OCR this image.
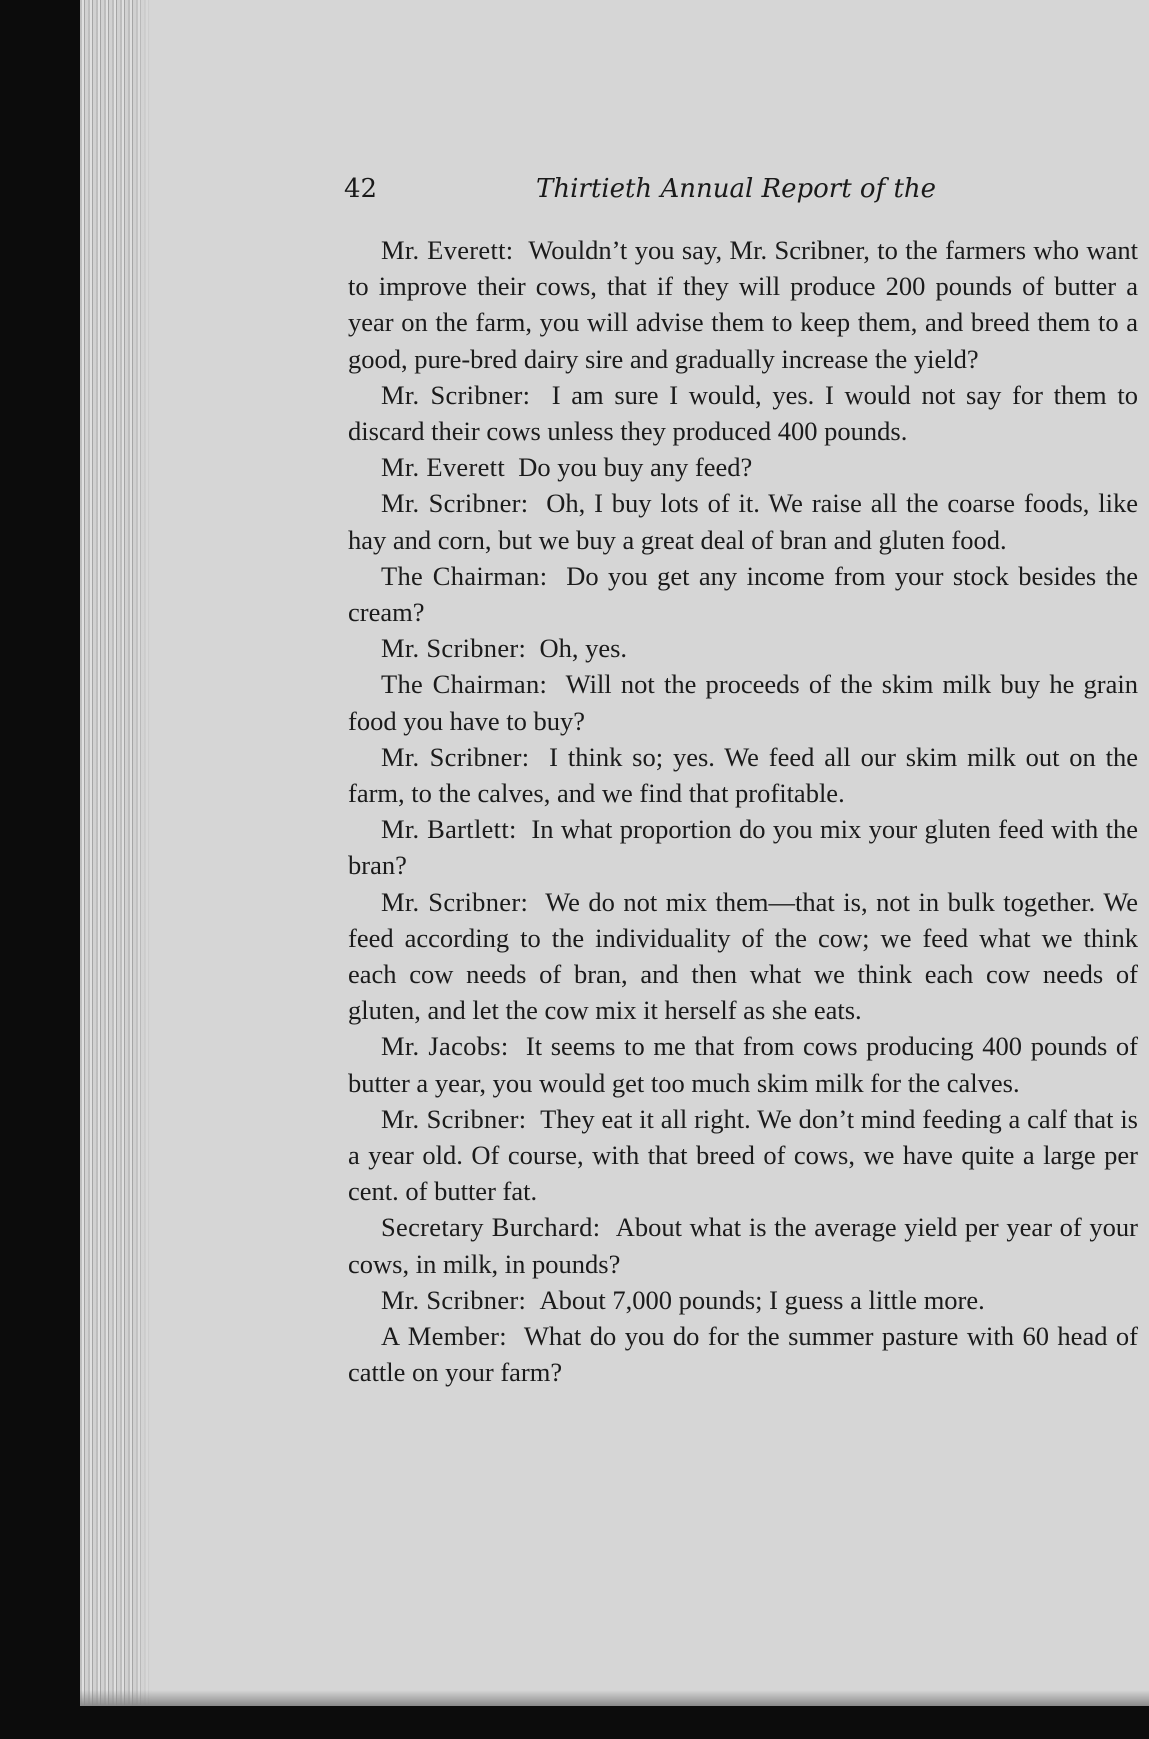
42	Thirtieth Annual Report of the

Mr. Everett: Wouldn’t you say, Mr. Scribner, to the farmers who want to improve their cows, that if they will produce 200 pounds of butter a year on the farm, you will advise them to keep them, and breed them to a good, pure-bred dairy sire and gradually increase the yield?

Mr. Scribner: I am sure I would, yes. I would not say for them to discard their cows unless they produced 400 pounds.

Mr. Everett Do you buy any feed?

Mr. Scribner: Oh, I buy lots of it. We raise all the coarse foods, like hay and corn, but we buy a great deal of bran and gluten food.

The Chairman: Do you get any income from your stock besides the cream?

Mr. Scribner: Oh, yes.

The Chairman: Will not the proceeds of the skim milk buy he grain food you have to buy?

Mr. Scribner: I think so; yes. We feed all our skim milk out on the farm, to the calves, and we find that profitable.

Mr. Bartlett: In what proportion do you mix your gluten feed with the bran?

Mr. Scribner: We do not mix them—that is, not in bulk together. We feed according to the individuality of the cow; we feed what we think each cow needs of bran, and then what we think each cow needs of gluten, and let the cow mix it herself as she eats.

Mr. Jacobs: It seems to me that from cows producing 400 pounds of butter a year, you would get too much skim milk for the calves.

Mr. Scribner: They eat it all right. We don’t mind feeding a calf that is a year old. Of course, with that breed of cows, we have quite a large per cent. of butter fat.

Secretary Burchard: About what is the average yield per year of your cows, in milk, in pounds?

Mr. Scribner: About 7,000 pounds; I guess a little more.

A Member: What do you do for the summer pasture with 60 head of cattle on your farm?
